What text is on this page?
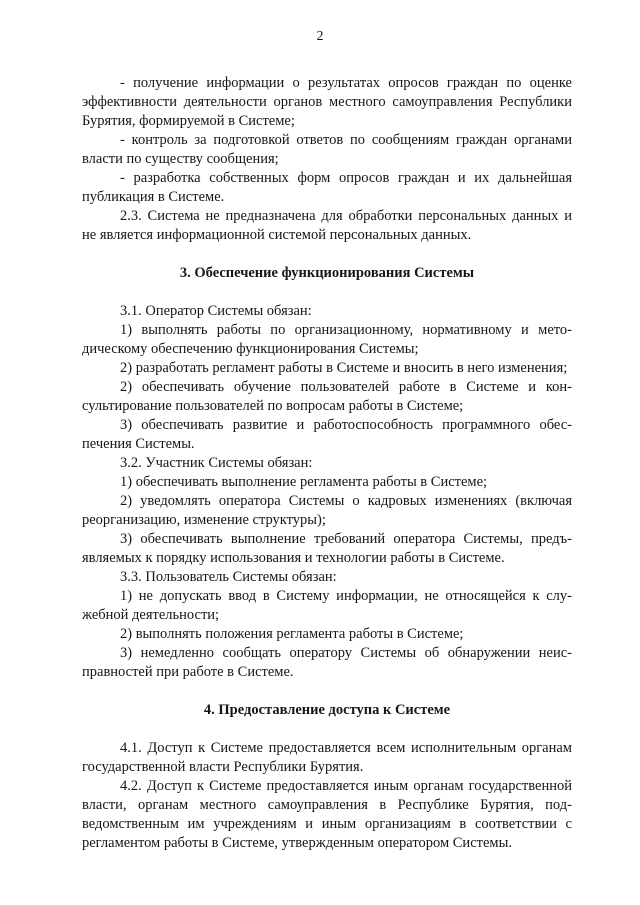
2

- получение информации о результатах опросов граждан по оценке эффективности деятельности органов местного самоуправления Республики Бурятия, формируемой в Системе;

- контроль за подготовкой ответов по сообщениям граждан органами власти по существу сообщения;

- разработка собственных форм опросов граждан и их дальнейшая публикация в Системе.

2.3. Система не предназначена для обработки персональных данных и не является информационной системой персональных данных.

3. Обеспечение функционирования Системы

3.1. Оператор Системы обязан:

1) выполнять работы по организационному, нормативному и методическому обеспечению функционирования Системы;

2) разработать регламент работы в Системе и вносить в него изменения;

2) обеспечивать обучение пользователей работе в Системе и консультирование пользователей по вопросам работы в Системе;

3) обеспечивать развитие и работоспособность программного обеспечения Системы.

3.2. Участник Системы обязан:

1) обеспечивать выполнение регламента работы в Системе;

2) уведомлять оператора Системы о кадровых изменениях (включая реорганизацию, изменение структуры);

3) обеспечивать выполнение требований оператора Системы, предъявляемых к порядку использования и технологии работы в Системе.

3.3. Пользователь Системы обязан:

1) не допускать ввод в Систему информации, не относящейся к служебной деятельности;

2) выполнять положения регламента работы в Системе;

3) немедленно сообщать оператору Системы об обнаружении неисправностей при работе в Системе.

4. Предоставление доступа к Системе

4.1. Доступ к Системе предоставляется всем исполнительным органам государственной власти Республики Бурятия.

4.2. Доступ к Системе предоставляется иным органам государственной власти, органам местного самоуправления в Республике Бурятия, подведомственным им учреждениям и иным организациям в соответствии с регламентом работы в Системе, утвержденным оператором Системы.
